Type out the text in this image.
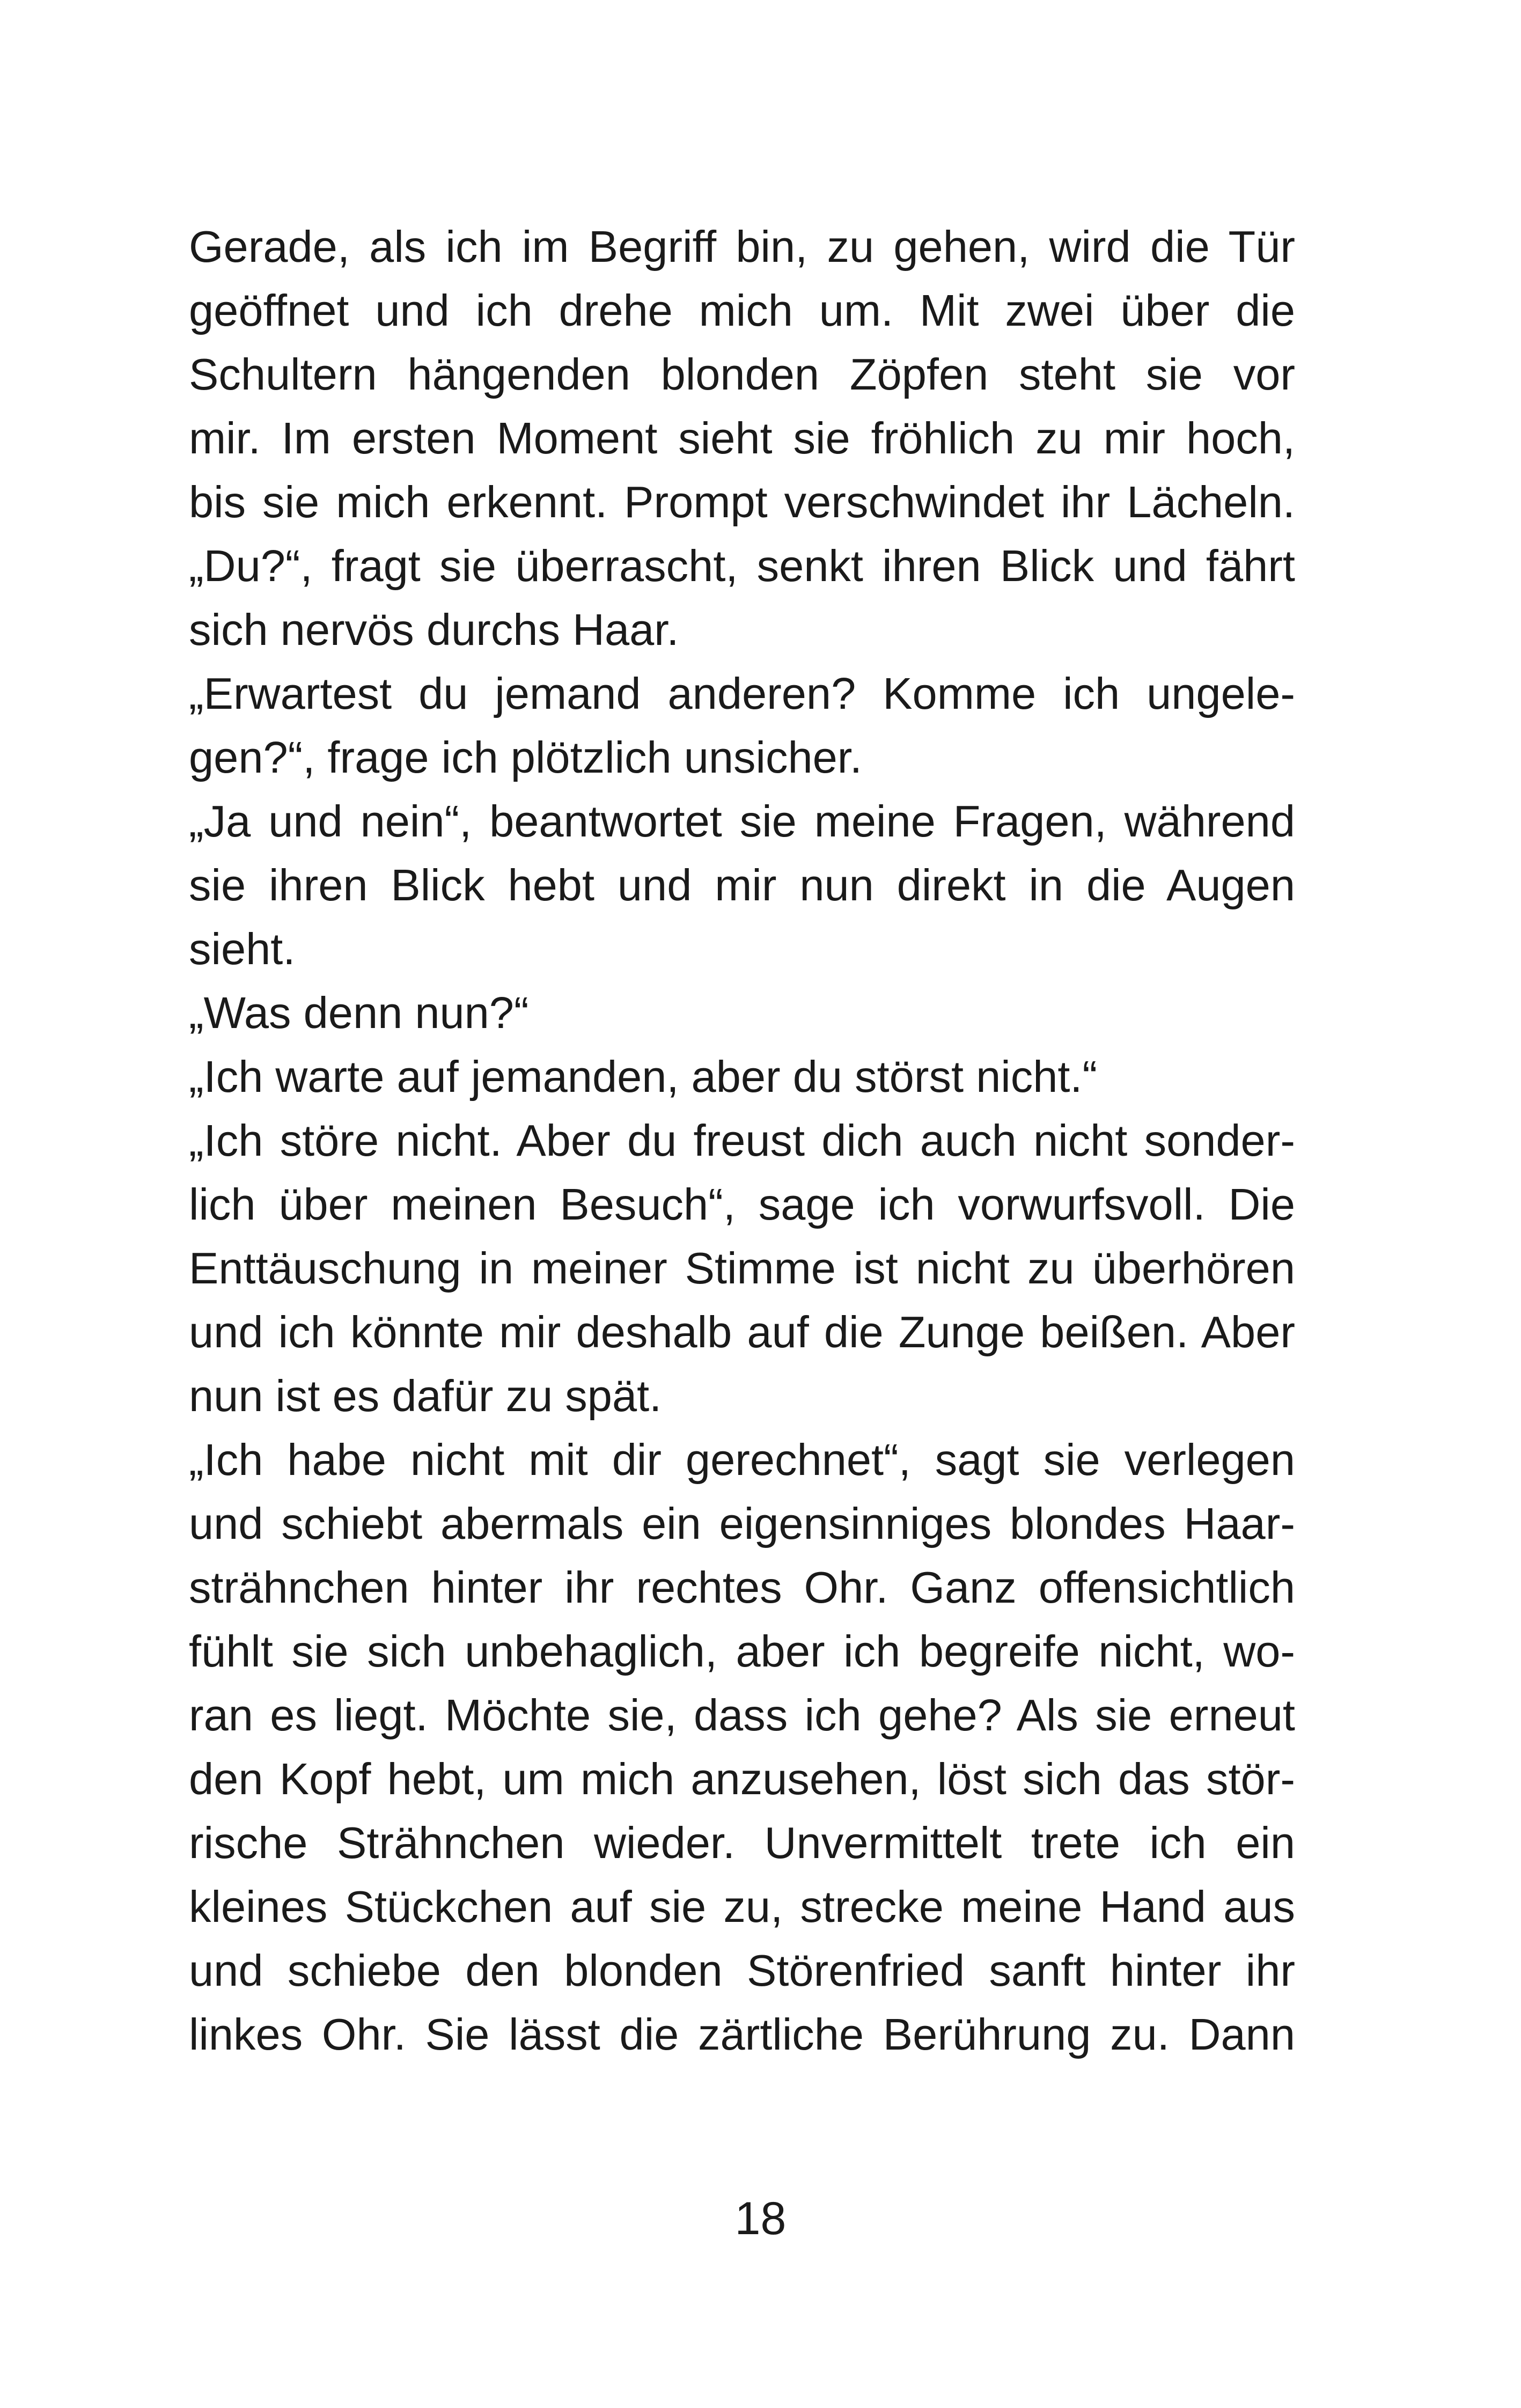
Gerade, als ich im Begriff bin, zu gehen, wird die Tür
geöffnet und ich drehe mich um. Mit zwei über die
Schultern hängenden blonden Zöpfen steht sie vor
mir. Im ersten Moment sieht sie fröhlich zu mir hoch,
bis sie mich erkennt. Prompt verschwindet ihr Lächeln.
„Du?“, fragt sie überrascht, senkt ihren Blick und fährt
sich nervös durchs Haar.
„Erwartest du jemand anderen? Komme ich ungele-
gen?“, frage ich plötzlich unsicher.
„Ja und nein“, beantwortet sie meine Fragen, während
sie ihren Blick hebt und mir nun direkt in die Augen
sieht.
„Was denn nun?“
„Ich warte auf jemanden, aber du störst nicht.“
„Ich störe nicht. Aber du freust dich auch nicht sonder-
lich über meinen Besuch“, sage ich vorwurfsvoll. Die
Enttäuschung in meiner Stimme ist nicht zu überhören
und ich könnte mir deshalb auf die Zunge beißen. Aber
nun ist es dafür zu spät.
„Ich habe nicht mit dir gerechnet“, sagt sie verlegen
und schiebt abermals ein eigensinniges blondes Haar-
strähnchen hinter ihr rechtes Ohr. Ganz offensichtlich
fühlt sie sich unbehaglich, aber ich begreife nicht, wo-
ran es liegt. Möchte sie, dass ich gehe? Als sie erneut
den Kopf hebt, um mich anzusehen, löst sich das stör-
rische Strähnchen wieder. Unvermittelt trete ich ein
kleines Stückchen auf sie zu, strecke meine Hand aus
und schiebe den blonden Störenfried sanft hinter ihr
linkes Ohr. Sie lässt die zärtliche Berührung zu. Dann
18
